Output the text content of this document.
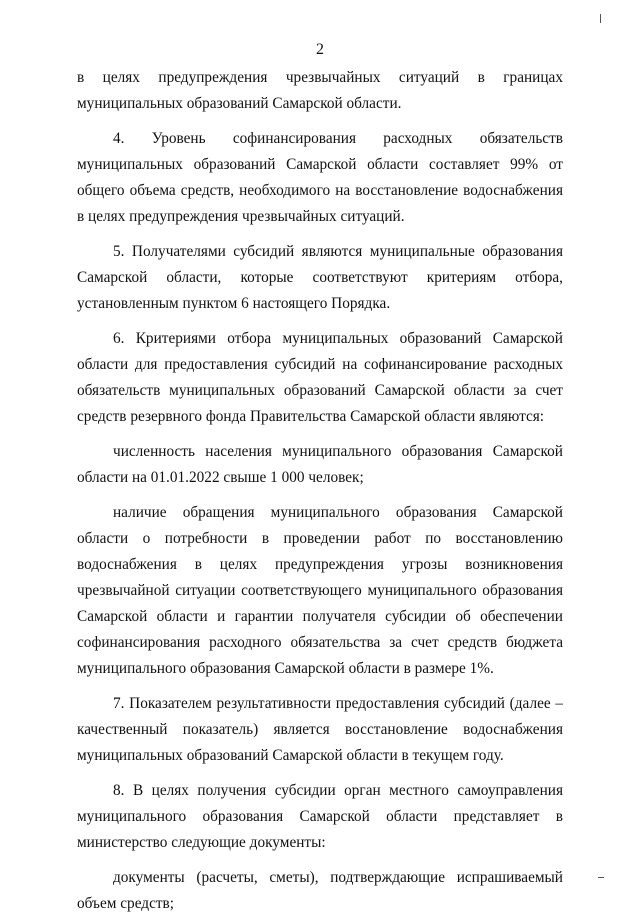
2
в целях предупреждения чрезвычайных ситуаций в границах
муниципальных образований Самарской области.
4. Уровень софинансирования расходных обязательств
муниципальных образований Самарской области составляет 99% от
общего объема средств, необходимого на восстановление водоснабжения
в целях предупреждения чрезвычайных ситуаций.
5. Получателями субсидий являются муниципальные образования
Самарской области, которые соответствуют критериям отбора,
установленным пунктом 6 настоящего Порядка.
6. Критериями отбора муниципальных образований Самарской
области для предоставления субсидий на софинансирование расходных
обязательств муниципальных образований Самарской области за счет
средств резервного фонда Правительства Самарской области являются:
численность населения муниципального образования Самарской
области на 01.01.2022 свыше 1 000 человек;
наличие обращения муниципального образования Самарской
области о потребности в проведении работ по восстановлению
водоснабжения в целях предупреждения угрозы возникновения
чрезвычайной ситуации соответствующего муниципального образования
Самарской области и гарантии получателя субсидии об обеспечении
софинансирования расходного обязательства за счет средств бюджета
муниципального образования Самарской области в размере 1%.
7. Показателем результативности предоставления субсидий (далее –
качественный показатель) является восстановление водоснабжения
муниципальных образований Самарской области в текущем году.
8. В целях получения субсидии орган местного самоуправления
муниципального образования Самарской области представляет в
министерство следующие документы:
документы (расчеты, сметы), подтверждающие испрашиваемый
объем средств;
